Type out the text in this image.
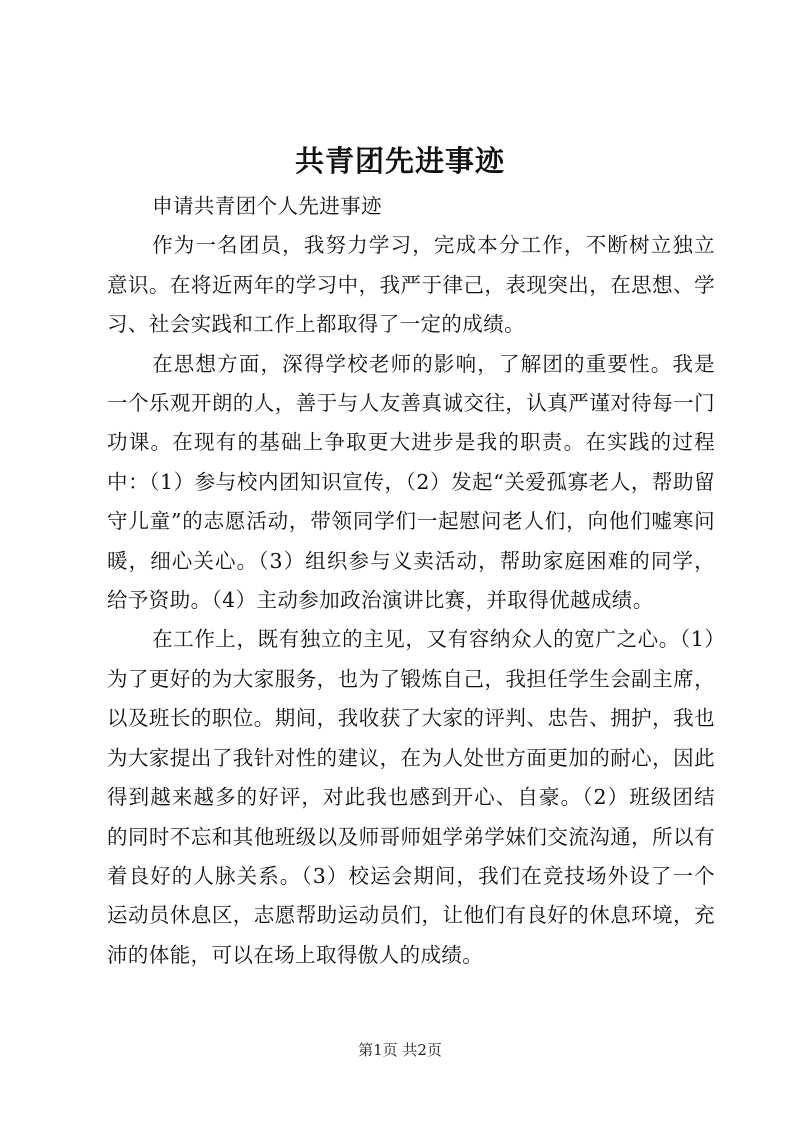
共青团先进事迹

申请共青团个人先进事迹

作为一名团员，我努力学习，完成本分工作，不断树立独立意识。在将近两年的学习中，我严于律己，表现突出，在思想、学习、社会实践和工作上都取得了一定的成绩。

在思想方面，深得学校老师的影响，了解团的重要性。我是一个乐观开朗的人，善于与人友善真诚交往，认真严谨对待每一门功课。在现有的基础上争取更大进步是我的职责。在实践的过程中：（1）参与校内团知识宣传，（2）发起“关爱孤寡老人，帮助留守儿童”的志愿活动，带领同学们一起慰问老人们，向他们嘘寒问暖，细心关心。（3）组织参与义卖活动，帮助家庭困难的同学，给予资助。（4）主动参加政治演讲比赛，并取得优越成绩。

在工作上，既有独立的主见，又有容纳众人的宽广之心。（1）为了更好的为大家服务，也为了锻炼自己，我担任学生会副主席，以及班长的职位。期间，我收获了大家的评判、忠告、拥护，我也为大家提出了我针对性的建议，在为人处世方面更加的耐心，因此得到越来越多的好评，对此我也感到开心、自豪。（2）班级团结的同时不忘和其他班级以及师哥师姐学弟学妹们交流沟通，所以有着良好的人脉关系。（3）校运会期间，我们在竞技场外设了一个运动员休息区，志愿帮助运动员们，让他们有良好的休息环境，充沛的体能，可以在场上取得傲人的成绩。

第1页 共2页
